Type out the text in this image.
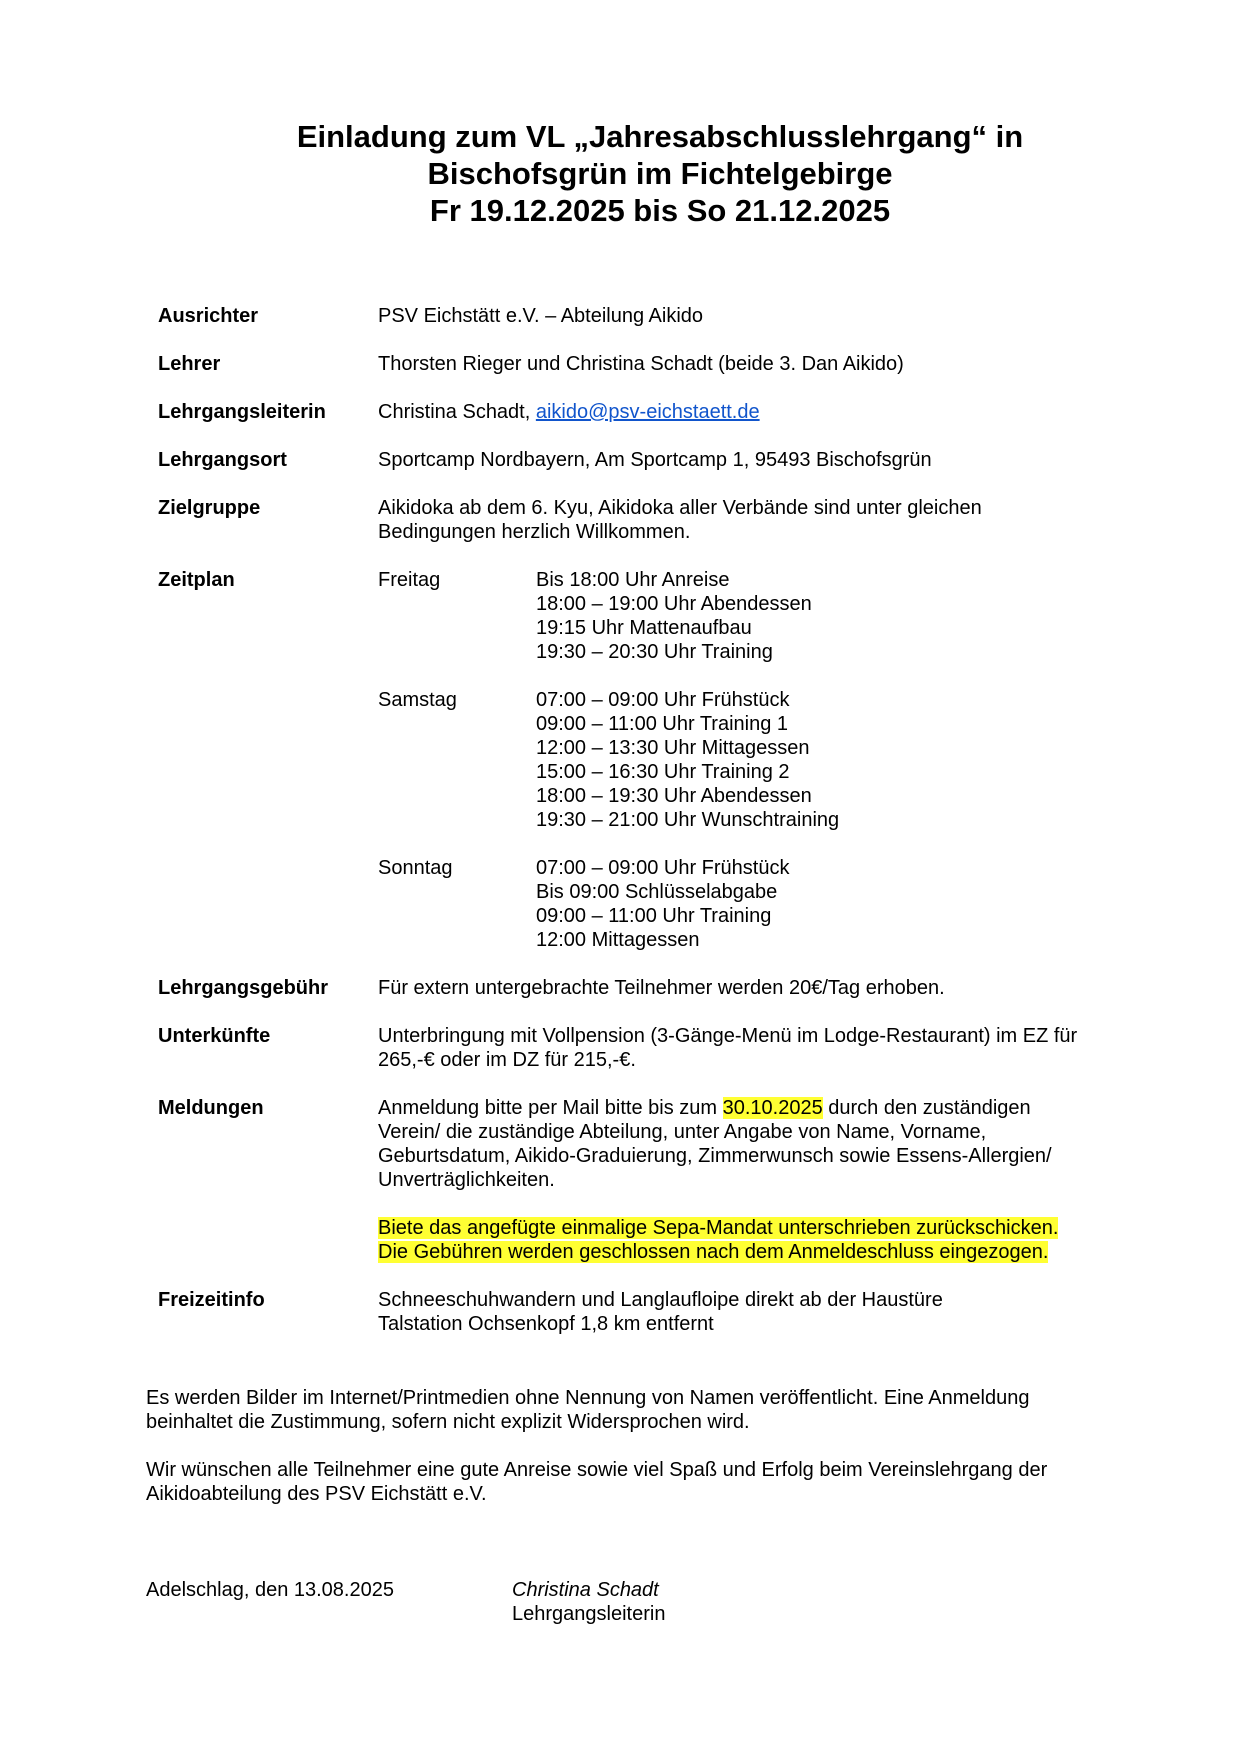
Einladung zum VL „Jahresabschlusslehrgang“ in
Bischofsgrün im Fichtelgebirge
Fr 19.12.2025 bis So 21.12.2025
Ausrichter	PSV Eichstätt e.V. – Abteilung Aikido
Lehrer	Thorsten Rieger und Christina Schadt (beide 3. Dan Aikido)
Lehrgangsleiterin	Christina Schadt, aikido@psv-eichstaett.de
Lehrgangsort	Sportcamp Nordbayern, Am Sportcamp 1, 95493 Bischofsgrün
Zielgruppe	Aikidoka ab dem 6. Kyu, Aikidoka aller Verbände sind unter gleichen

Bedingungen herzlich Willkommen.

Zeitplan	Freitag	Bis 18:00 Uhr Anreise
18:00 – 19:00 Uhr Abendessen
19:15 Uhr Mattenaufbau
19:30 – 20:30 Uhr Training
Samstag	07:00 – 09:00 Uhr Frühstück
09:00 – 11:00 Uhr Training 1
12:00 – 13:30 Uhr Mittagessen
15:00 – 16:30 Uhr Training 2
18:00 – 19:30 Uhr Abendessen
19:30 – 21:00 Uhr Wunschtraining
Sonntag	07:00 – 09:00 Uhr Frühstück
Bis 09:00 Schlüsselabgabe
09:00 – 11:00 Uhr Training
12:00 Mittagessen
Lehrgangsgebühr	Für extern untergebrachte Teilnehmer werden 20€/Tag erhoben.
Unterkünfte	Unterbringung mit Vollpension (3-Gänge-Menü im Lodge-Restaurant) im EZ für

265,-€ oder im DZ für 215,-€.

Meldungen	Anmeldung bitte per Mail bitte bis zum 30.10.2025 durch den zuständigen

Verein/ die zuständige Abteilung, unter Angabe von Name, Vorname,

Geburtsdatum, Aikido-Graduierung, Zimmerwunsch sowie Essens-Allergien/

Unverträglichkeiten.

Biete das angefügte einmalige Sepa-Mandat unterschrieben zurückschicken.

Die Gebühren werden geschlossen nach dem Anmeldeschluss eingezogen.

Freizeitinfo	Schneeschuhwandern und Langlaufloipe direkt ab der Haustüre

Talstation Ochsenkopf 1,8 km entfernt

Es werden Bilder im Internet/Printmedien ohne Nennung von Namen veröffentlicht. Eine Anmeldung
beinhaltet die Zustimmung, sofern nicht explizit Widersprochen wird.

Wir wünschen alle Teilnehmer eine gute Anreise sowie viel Spaß und Erfolg beim Vereinslehrgang der
Aikidoabteilung des PSV Eichstätt e.V.

Adelschlag, den 13.08.2025	Christina Schadt
Lehrgangsleiterin
